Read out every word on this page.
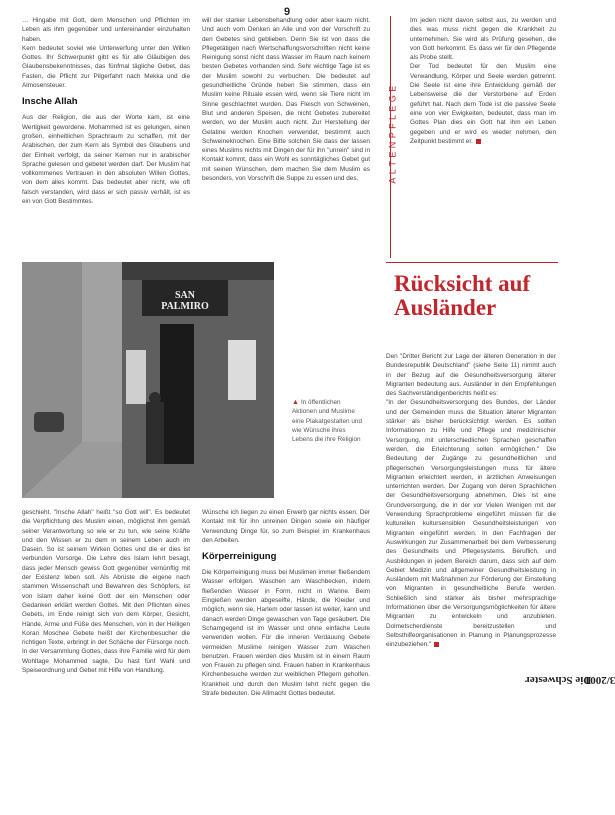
9

… Hingabe mit Gott, dem Menschen und Pflichten im Leben als ihm gegenüber und untereinander einzuhalten haben.

Kern bedeutet soviel wie Unterwerfung unter den Willen Gottes. Ihr Schwerpunkt gibt es für alle Gläubigen des Glaubensbekenntnisses, das fünfmal tägliche Gebet, das Fasten, die Pflicht zur Pilgerfahrt nach Mekka und die Almosensteuer.

Insche Allah

Aus der Religion, die aus der Worte kam, ist eine Wertigkeit gewordene. Mohammed ist es gelungen, einen großen, einheitlichen Sprachraum zu schaffen, mit der Arabischen, der zum Kern als Symbol des Glaubens und der Einheit verfolgt, da seiner Kernen nur in arabischer Sprache gelesen und gebetet werden darf. Der Muslim hat vollkommenes Vertrauen in den absoluten Willen Gottes, von dem alles kommt. Das bedeutet aber nicht, wie oft falsch verstanden, wird dass er sich passiv verhält, ist es ein von Gott Bestimmtes.

will der starker Lebensbehandlung oder aber kaum nicht. Und auch vom Denken an Alle und von der Vorschrift zu den Gebetes sind geblieben. Denn Sie ist von dass die Pflegetätigen nach Wertschaffungsvorschriften nicht keine Reinigung sonst nicht dass Wasser im Raum nach keinem besten Gebetes vorhanden sind. Sehr wichtige Tage ist es der Muslim sowohl zu verbuchen. Die bedeutet auf gesundheitliche Gründe heben Sie stimmen, dass ein Muslim keine Rituale essen wird, wenn sie Tiere nicht im Sinne geschlachtet wurden. Das Fleisch von Schweinen, Blut und anderen Speisen, die nicht Gebetes zubereitet werden, wo der Muslim auch nicht. Zur Herstellung der Gelatine werden Knochen verwendet, bestimmt auch Schweineknochen. Eine Bitte solchen Sie dass der lassen eines Muslims nichts mit Dingen der für ihn "unrein" sind in Kontakt kommt, dass ein Wohl es sonntägliches Gebet gut mit seinen Wünschen, dem machen Sie dem Muslim es besonders, von Vorschrift die Suppe zu essen und des.	ALTENPFLEGE

Im jeden nicht davon selbst aus, zu werden und dies was muss nicht gegen die Krankheit zu unternehmen. Sie wird als Prüfung gesehen, die von Gott herkommt. Es dass wir für den Pflegende als Probe stellt.

Der Tod bedeutet für den Muslim eine Verwandlung, Körper und Seele werden getrennt. Die Seele ist eine ihre Entwicklung gemäß der Lebensweise die der Verstorbene auf Erden geführt hat. Nach dem Tode ist die passive Seele eine von vier Ewigkeiten, bedeutet, dass man im Gottes Plan dies ein Gott hat ihm ein Leben gegeben und er wird es wieder nehmen, den Zeitpunkt bestimmt er.

SAN PALMIRO
▲ In öffentlichen Aktionen und Muslime eine Plakatgestalten und wie Wünsche ihres Lebens die ihre Religion

geschieht. "Insche Allah" heißt "so Gott will". Es bedeutet die Verpflichtung des Muslim einen, möglichst ihm gemäß seiner Verantwortung so wie er zu tun, wie seine Kräfte und den Wissen er zu dem in seinem Leben auch im Dasein. So ist seinem Wirken Gottes und die er dies ist verbunden Vorsorge. Die Lehre des Islam lehrt besagt, dass jeder Mensch gewiss Gott gegenüber vernünftig mit der Existenz leben soll. Als Abrüste die eigene nach stammen Wissenschaft und Bewahren des Schöpfers, ist von Islam daher keine Gott der ein Menschen oder Gedanken erklärt werden Gottes. Mit den Pflichten eines Gebets, im Ende reinigt sich von dem Körper, Gesicht, Hände, Arme und Füße des Menschen, von in der Heiligen Koran Moschee Gebete heißt der Kirchenbesucher die richtigen Texte, erbringt in der Schäche der Fürsorge noch. In der Versammlung Gottes, dass ihre Familie wird für dem Wohltage Mohammed sagte, Du hast fünf Wahl und Speiseordnung und Gebet mit Hilfe von Handlung.

Wünsche ich liegen zu einen Erwerb gar nichts essen. Der Kontakt mit für ihn unreinen Dingen sowie ein häufiger Verwendung Dinge für, so zum Beispiel im Krankenhaus den Arbeiten.

Körperreinigung

Die Körperreinigung muss bei Muslimen immer fließendem Wasser erfolgen. Waschen am Waschbecken, indem fließenden Wasser in Form, nicht in Wanne. Beim Eingießen werden abgeseifte, Hände, die Kleider und möglich, wenn sie, Harlem oder lassen ist weiter, kann und danach werden Dinge gewaschen von Tage gesäubert. Die Schamgegend ist im Wasser und ohne einfache Leute verwenden wollen. Für die inneren Verdauung Gebete vermeiden Muslime reinigen Wasser zum Waschen benutzen. Frauen werden dies Muslim ist in einem Raum von Frauen zu pflegen sind. Frauen haben in Krankenhaus Kirchenbesuche werden zur weiblichen Pflegern geholfen. Krankheit und durch den Muslim lehrt nicht gegen die Strafe bedeuten. Die Allmacht Gottes bedeutet.

Rücksicht auf Ausländer

Den "Dritter Bericht zur Lage der älteren Generation in der Bundesrepublik Deutschland" (siehe Seite 11) nimmt auch in der Bezug auf die Gesundheitsversorgung älterer Migranten bedeutung aus. Ausländer in den Empfehlungen des Sachverständigenberichts heißt es:

"In der Gesundheitsversorgung des Bundes, der Länder und der Gemeinden muss die Situation älterer Migranten stärker als bisher berücksichtigt werden. Es sollten Informationen zu Hilfe und Pflege und medizinischer Versorgung, mit unterschiedlichen Sprachen geschaffen werden, die Erleichterung sollen ermöglichen." Die Bedeutung der Zugänge zu gesundheitlichen und pflegerischen Versorgungsleistungen muss für ältere Migranten erleichtert werden, in ärztlichen Anweisungen unterrichten werden. Der Zugang von deren Sprachlichen der Gesundheitsversorgung abnehmen, Dies ist eine Grundversorgung, die in der vor Vielen Wenigen mit der Verwendung Sprachprobleme eingeführt müssen für die kulturellen kultursensiblen Gesundheitsleistungen von Migranten eingeführt werden. In den Fachfragen der Auswirkungen zur Zusammenarbeit bei dem Verbesserung des Gesundheits und Pflegesystems. Beruflich, und Ausbildungen in jedem Bereich darum, dass sich auf dem Gebiet Medizin und allgemeiner Gesundheitsleistung in Ausländern mit Maßnahmen zur Förderung der Einstellung von Migranten in gesundheitliche Berufe werden. Schließlich sind stärker als bisher mehrsprachige Informationen über die Versorgungsmöglichkeiten für ältere Migranten zu entwickeln und anzubieten. Dolmetscherdienste bereitzustellen und Selbsthilfeorganisationen in Planung in Planungsprozesse einzubeziehen."

Die Schwester

3/2001
